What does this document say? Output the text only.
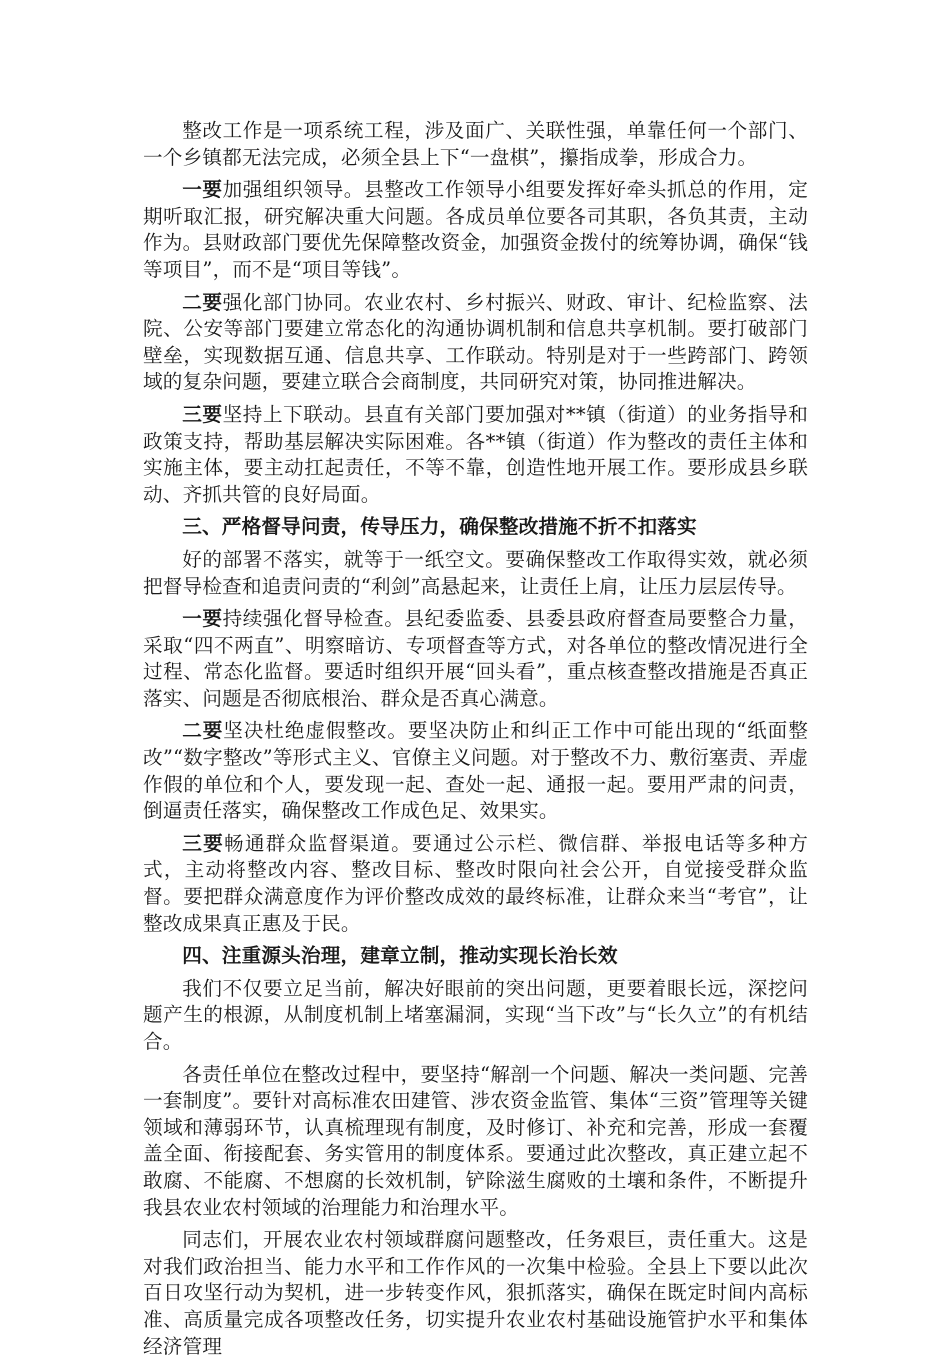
整改工作是一项系统工程，涉及面广、关联性强，单靠任何一个部门、一个乡镇都无法完成，必须全县上下“一盘棋”，攥指成拳，形成合力。

一要加强组织领导。县整改工作领导小组要发挥好牵头抓总的作用，定期听取汇报，研究解决重大问题。各成员单位要各司其职，各负其责，主动作为。县财政部门要优先保障整改资金，加强资金拨付的统筹协调，确保“钱等项目”，而不是“项目等钱”。

二要强化部门协同。农业农村、乡村振兴、财政、审计、纪检监察、法院、公安等部门要建立常态化的沟通协调机制和信息共享机制。要打破部门壁垒，实现数据互通、信息共享、工作联动。特别是对于一些跨部门、跨领域的复杂问题，要建立联合会商制度，共同研究对策，协同推进解决。

三要坚持上下联动。县直有关部门要加强对**镇（街道）的业务指导和政策支持，帮助基层解决实际困难。各**镇（街道）作为整改的责任主体和实施主体，要主动扛起责任，不等不靠，创造性地开展工作。要形成县乡联动、齐抓共管的良好局面。

三、严格督导问责，传导压力，确保整改措施不折不扣落实

好的部署不落实，就等于一纸空文。要确保整改工作取得实效，就必须把督导检查和追责问责的“利剑”高悬起来，让责任上肩，让压力层层传导。

一要持续强化督导检查。县纪委监委、县委县政府督查局要整合力量，采取“四不两直”、明察暗访、专项督查等方式，对各单位的整改情况进行全过程、常态化监督。要适时组织开展“回头看”，重点核查整改措施是否真正落实、问题是否彻底根治、群众是否真心满意。

二要坚决杜绝虚假整改。要坚决防止和纠正工作中可能出现的“纸面整改”“数字整改”等形式主义、官僚主义问题。对于整改不力、敷衍塞责、弄虚作假的单位和个人，要发现一起、查处一起、通报一起。要用严肃的问责，倒逼责任落实，确保整改工作成色足、效果实。

三要畅通群众监督渠道。要通过公示栏、微信群、举报电话等多种方式，主动将整改内容、整改目标、整改时限向社会公开，自觉接受群众监督。要把群众满意度作为评价整改成效的最终标准，让群众来当“考官”，让整改成果真正惠及于民。

四、注重源头治理，建章立制，推动实现长治长效

我们不仅要立足当前，解决好眼前的突出问题，更要着眼长远，深挖问题产生的根源，从制度机制上堵塞漏洞，实现“当下改”与“长久立”的有机结合。

各责任单位在整改过程中，要坚持“解剖一个问题、解决一类问题、完善一套制度”。要针对高标准农田建管、涉农资金监管、集体“三资”管理等关键领域和薄弱环节，认真梳理现有制度，及时修订、补充和完善，形成一套覆盖全面、衔接配套、务实管用的制度体系。要通过此次整改，真正建立起不敢腐、不能腐、不想腐的长效机制，铲除滋生腐败的土壤和条件，不断提升我县农业农村领域的治理能力和治理水平。

同志们，开展农业农村领域群腐问题整改，任务艰巨，责任重大。这是对我们政治担当、能力水平和工作作风的一次集中检验。全县上下要以此次百日攻坚行动为契机，进一步转变作风，狠抓落实，确保在既定时间内高标准、高质量完成各项整改任务，切实提升农业农村基础设施管护水平和集体经济管理
